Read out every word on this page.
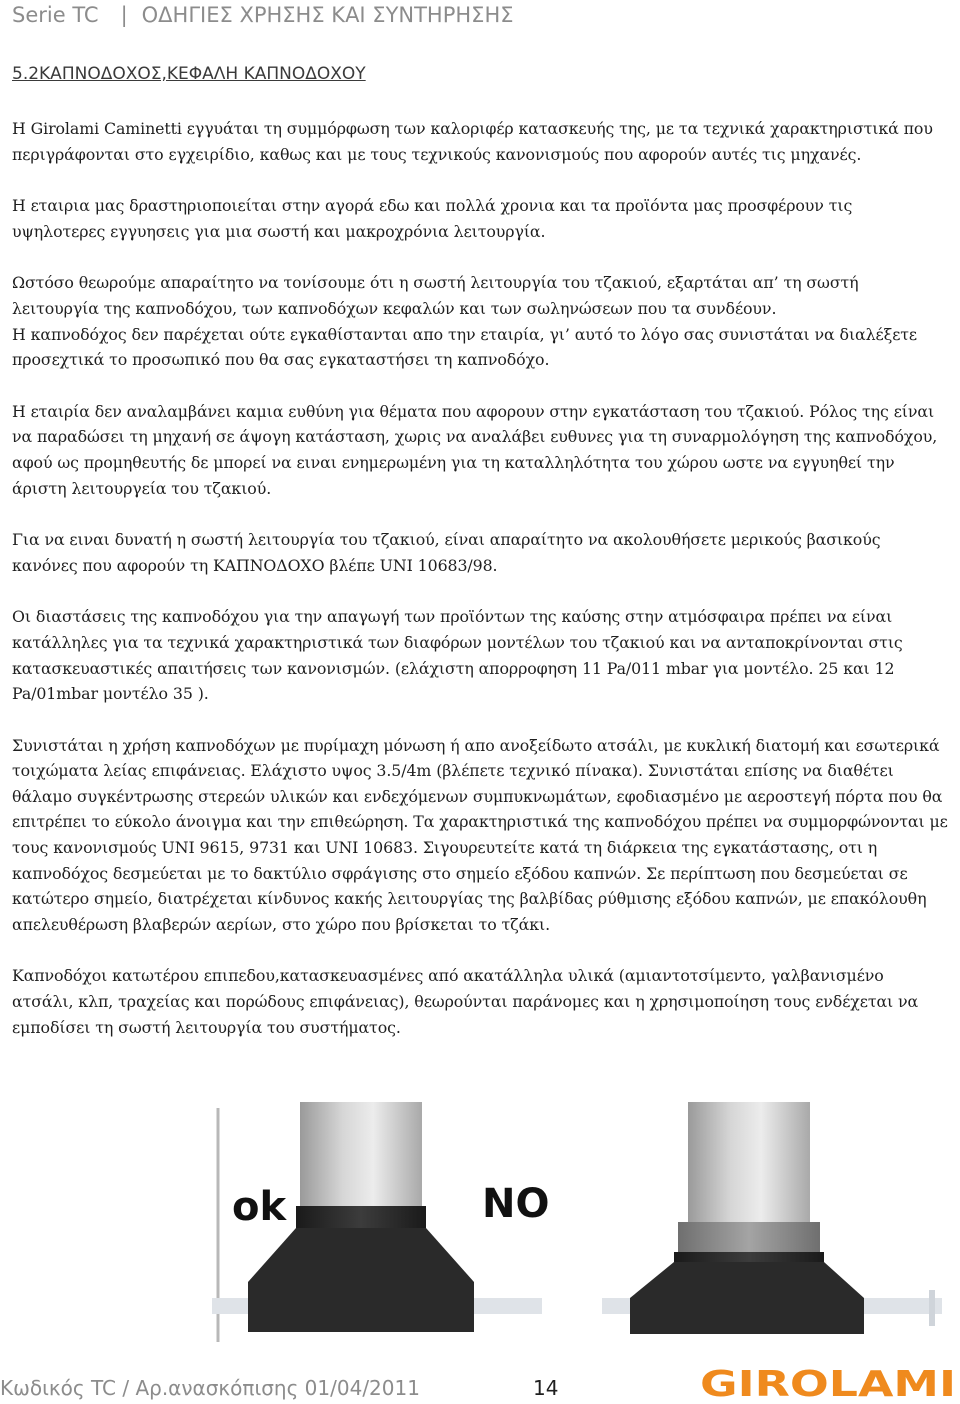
Serie TC | ΟΔΗΓΙΕΣ ΧΡΗΣΗΣ ΚΑΙ ΣΥΝΤΗΡΗΣΗΣ
5.2ΚΑΠΝΟΔΟΧΟΣ,ΚΕΦΑΛΗ ΚΑΠΝΟΔΟΧΟΥ

Η Girolami Caminetti εγγυάται τη συμμόρφωση των καλοριφέρ κατασκευής της, με τα τεχνικά χαρακτηριστικά που περιγράφονται στο εγχειρίδιο, καθως και με τους τεχνικούς κανονισμούς που αφορούν αυτές τις μηχανές.

Η εταιρια μας δραστηριοποιείται στην αγορά εδω και πολλά χρονια και τα προϊόντα μας προσφέρουν τις υψηλοτερες εγγυησεις για μια σωστή και μακροχρόνια λειτουργία.

Ωστόσο θεωρούμε απαραίτητο να τονίσουμε ότι η σωστή λειτουργία του τζακιού, εξαρτάται απ’ τη σωστή λειτουργία της καπνοδόχου, των καπνοδόχων κεφαλών και των σωληνώσεων που τα συνδέουν.

Η καπνοδόχος δεν παρέχεται ούτε εγκαθίστανται απο την εταιρία, γι’ αυτό το λόγο σας συνιστάται να διαλέξετε προσεχτικά το προσωπικό που θα σας εγκαταστήσει τη καπνοδόχο.

Η εταιρία δεν αναλαμβάνει καμια ευθύνη για θέματα που αφορουν στην εγκατάσταση του τζακιού. Ρόλος της είναι να παραδώσει τη μηχανή σε άψογη κατάσταση, χωρις να αναλάβει ευθυνες για τη συναρμολόγηση της καπνοδόχου, αφού ως προμηθευτής δε μπορεί να ειναι ενημερωμένη για τη καταλληλότητα του χώρου ωστε να εγγυηθεί την άριστη λειτουργεία του τζακιού.

Για να ειναι δυνατή η σωστή λειτουργία του τζακιού, είναι απαραίτητο να ακολουθήσετε μερικούς βασικούς κανόνες που αφορούν τη ΚΑΠΝΟΔΟΧΟ βλέπε UNI 10683/98.

Οι διαστάσεις της καπνοδόχου για την απαγωγή των προϊόντων της καύσης στην ατμόσφαιρα πρέπει να είναι κατάλληλες για τα τεχνικά χαρακτηριστικά των διαφόρων μοντέλων του τζακιού και να ανταποκρίνονται στις κατασκευαστικές απαιτήσεις των κανονισμών. (ελάχιστη απορροφηση 11 Pa/011 mbar για μοντέλο. 25 και 12 Pa/01mbar μοντέλο 35 ).

Συνιστάται η χρήση καπνοδόχων με πυρίμαχη μόνωση ή απο ανοξείδωτο ατσάλι, με κυκλική διατομή και εσωτερικά τοιχώματα λείας επιφάνειας. Ελάχιστο υψος 3.5/4m (βλέπετε τεχνικό πίνακα). Συνιστάται επίσης να διαθέτει θάλαμο συγκέντρωσης στερεών υλικών και ενδεχόμενων συμπυκνωμάτων, εφοδιασμένο με αεροστεγή πόρτα που θα επιτρέπει το εύκολο άνοιγμα και την επιθεώρηση. Τα χαρακτηριστικά της καπνοδόχου πρέπει να συμμορφώνονται με τους κανονισμούς UNI 9615, 9731 και UNI 10683. Σιγουρευτείτε κατά τη διάρκεια της εγκατάστασης, οτι η καπνοδόχος δεσμεύεται με το δακτύλιο σφράγισης στο σημείο εξόδου καπνών. Σε περίπτωση που δεσμεύεται σε κατώτερο σημείο, διατρέχεται κίνδυνος κακής λειτουργίας της βαλβίδας ρύθμισης εξόδου καπνών, με επακόλουθη απελευθέρωση βλαβερών αερίων, στο χώρο που βρίσκεται το τζάκι.

Καπνοδόχοι κατωτέρου επιπεδου,κατασκευασμένες από ακατάλληλα υλικά (αμιαντοτσίμεντο, γαλβανισμένο ατσάλι, κλπ, τραχείας και πορώδους επιφάνειας), θεωρούνται παράνομες και η χρησιμοποίηση τους ενδέχεται να εμποδίσει τη σωστή λειτουργία του συστήματος.

ok	NO
Κωδικός TC / Αρ.ανασκόπισης 01/04/2011	14	GIROLAMI
